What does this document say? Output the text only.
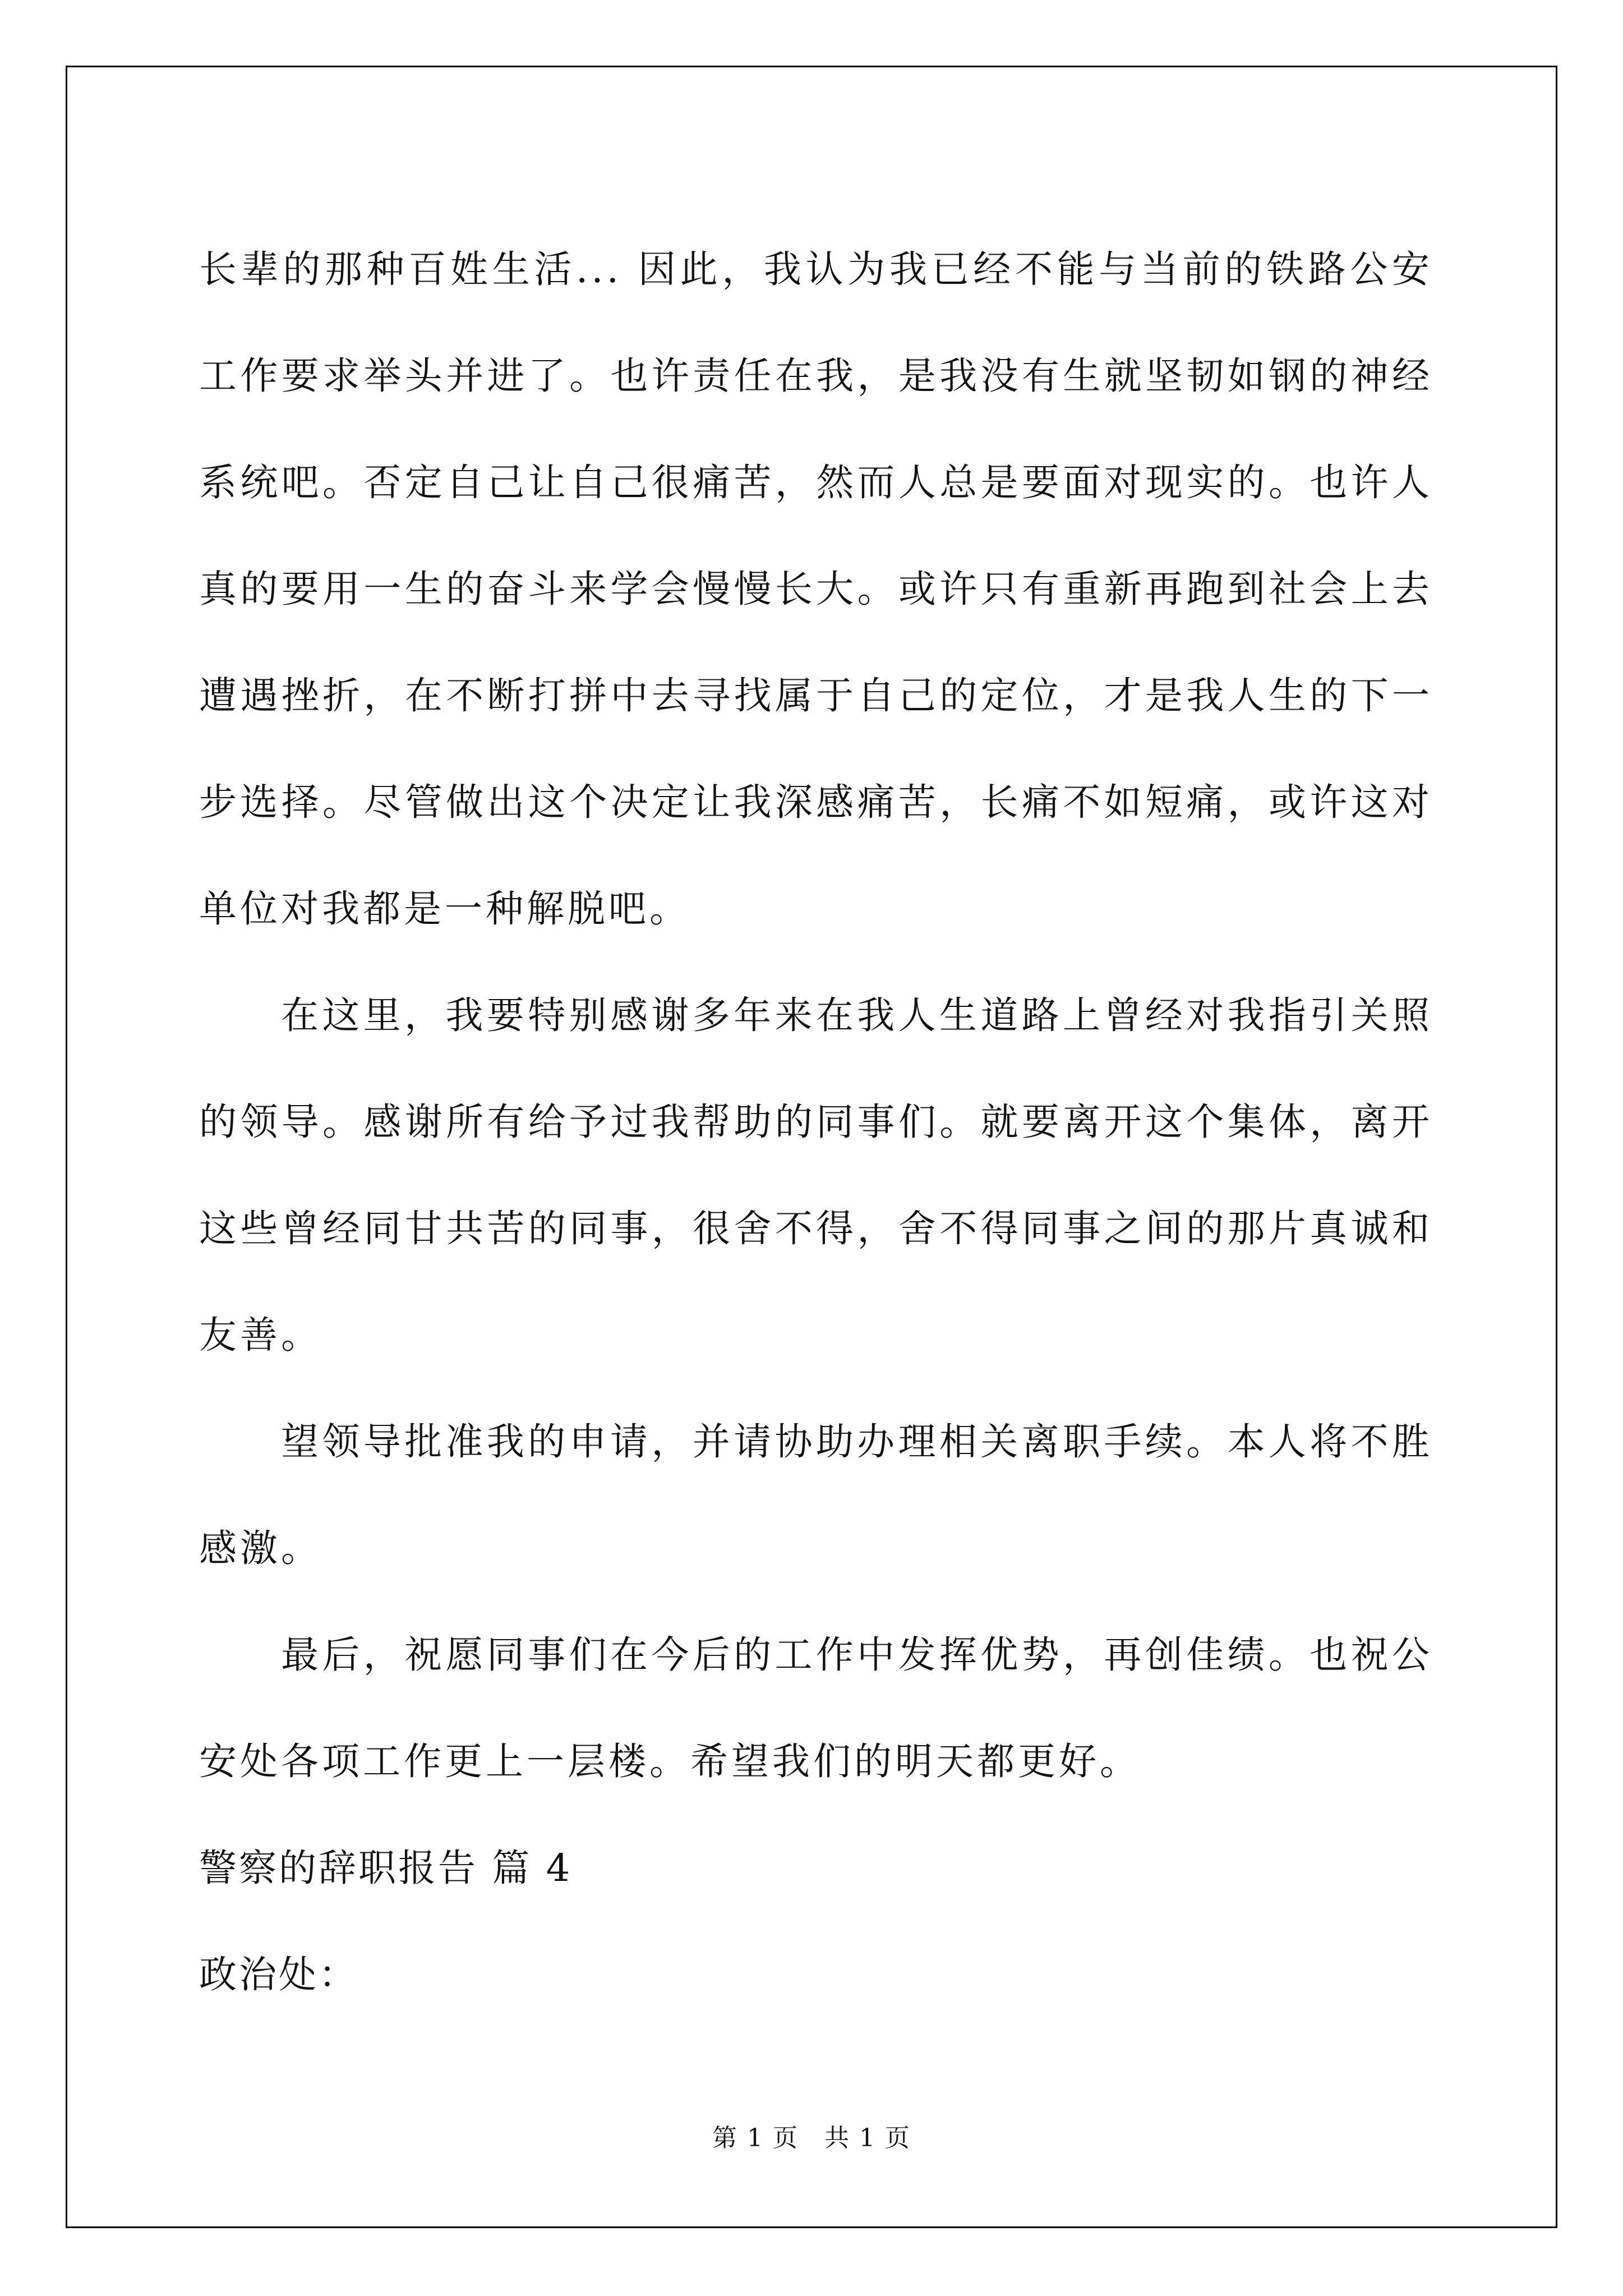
长辈的那种百姓生活... 因此，我认为我已经不能与当前的铁路公安工作要求举头并进了。也许责任在我，是我没有生就坚韧如钢的神经系统吧。否定自己让自己很痛苦，然而人总是要面对现实的。也许人真的要用一生的奋斗来学会慢慢长大。或许只有重新再跑到社会上去遭遇挫折，在不断打拼中去寻找属于自己的定位，才是我人生的下一步选择。尽管做出这个决定让我深感痛苦，长痛不如短痛，或许这对单位对我都是一种解脱吧。

在这里，我要特别感谢多年来在我人生道路上曾经对我指引关照的领导。感谢所有给予过我帮助的同事们。就要离开这个集体，离开这些曾经同甘共苦的同事，很舍不得，舍不得同事之间的那片真诚和友善。

望领导批准我的申请，并请协助办理相关离职手续。本人将不胜感激。

最后，祝愿同事们在今后的工作中发挥优势，再创佳绩。也祝公安处各项工作更上一层楼。希望我们的明天都更好。

警察的辞职报告 篇 4

政治处：

第 1 页　共 1 页
